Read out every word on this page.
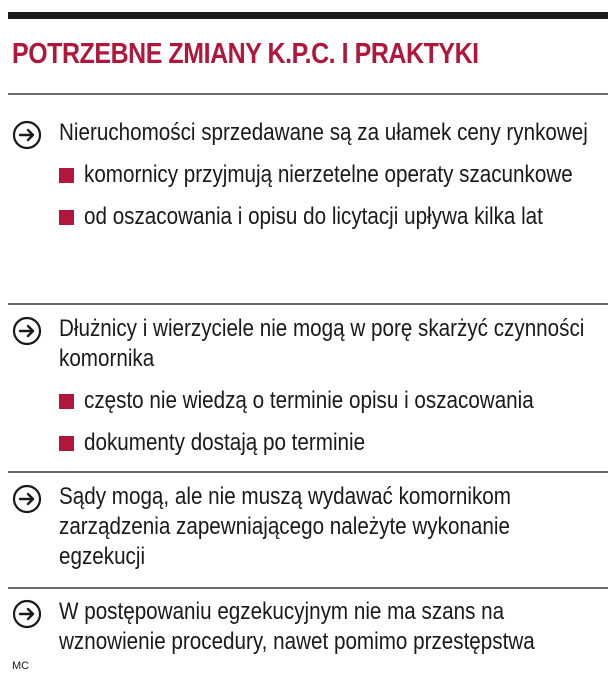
POTRZEBNE ZMIANY K.P.C. I PRAKTYKI
Nieruchomości sprzedawane są za ułamek ceny rynkowej
komornicy przyjmują nierzetelne operaty szacunkowe
od oszacowania i opisu do licytacji upływa kilka lat
Dłużnicy i wierzyciele nie mogą w porę skarżyć czynności komornika
często nie wiedzą o terminie opisu i oszacowania
dokumenty dostają po terminie
Sądy mogą, ale nie muszą wydawać komornikom zarządzenia zapewniającego należyte wykonanie egzekucji
W postępowaniu egzekucyjnym nie ma szans na wznowienie procedury, nawet pomimo przestępstwa
MC
